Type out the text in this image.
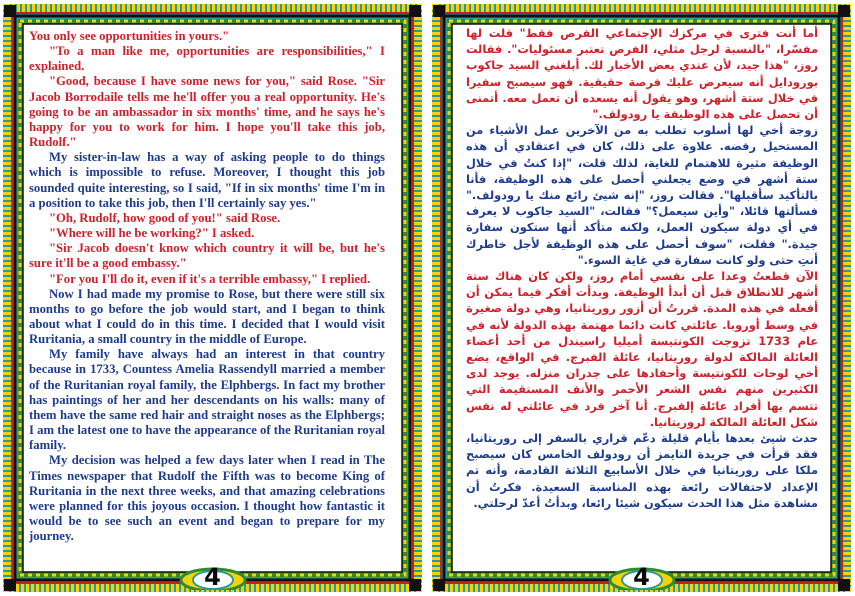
You only see opportunities in yours."

"To a man like me, opportunities are responsibilities," I explained.

"Good, because I have some news for you," said Rose. "Sir Jacob Borrodaile tells me he'll offer you a real opportunity. He's going to be an ambassador in six months' time, and he says he's happy for you to work for him. I hope you'll take this job, Rudolf."

My sister-in-law has a way of asking people to do things which is impossible to refuse. Moreover, I thought this job sounded quite interesting, so I said, "If in six months' time I'm in a position to take this job, then I'll certainly say yes."

"Oh, Rudolf, how good of you!" said Rose.

"Where will he be working?" I asked.

"Sir Jacob doesn't know which country it will be, but he's sure it'll be a good embassy."

"For you I'll do it, even if it's a terrible embassy," I replied.

Now I had made my promise to Rose, but there were still six months to go before the job would start, and I began to think about what I could do in this time. I decided that I would visit Ruritania, a small country in the middle of Europe.

My family have always had an interest in that country because in 1733, Countess Amelia Rassendyll married a member of the Ruritanian royal family, the Elphbergs. In fact my brother has paintings of her and her descendants on his walls: many of them have the same red hair and straight noses as the Elphbergs; I am the latest one to have the appearance of the Ruritanian royal family.

My decision was helped a few days later when I read in The Times newspaper that Rudolf the Fifth was to become King of Ruritania in the next three weeks, and that amazing celebrations were planned for this joyous occasion. I thought how fantastic it would be to see such an event and began to prepare for my journey.

4

أما أنت فترى في مركزك الإجتماعي الفرص فقط" قلت لها مفسّرا، "بالنسبة لرجل مثلي، الفرص تعتبر مسئوليات". فقالت روز، "هذا جيد، لأن عندي بعض الأخبار لك. أبلغني السيد جاكوب بورودايل أنه سيعرض عليك فرصة حقيقية. فهو سيصبح سفيرا في خلال ستة أشهر، وهو يقول أنه يسعده أن تعمل معه. أتمنى أن تحصل على هذه الوظيفة يا رودولف."

زوجة أخي لها أسلوب تطلب به من الآخرين عمل الأشياء من المستحيل رفضه. علاوة على ذلك، كان في اعتقادي أن هذه الوظيفة مثيرة للاهتمام للغاية، لذلك قلت، "إذا كنتُ في خلال ستة أشهر في وضع يجعلني أحصل على هذه الوظيفة، فأنا بالتأكيد سأقبلها". فقالت روز، "إنه شيئ رائع منك يا رودولف." فسألتها قائلا، "وأين سيعمل؟" فقالت، "السيد جاكوب لا يعرف في أي دولة سيكون العمل، ولكنه متأكد أنها ستكون سفارة جيدة." فقلت، "سوف أحصل على هذه الوظيفة لأجل خاطرك أنتِ حتى ولو كانت سفارة في غاية السوء."

الآن قطعتُ وعدا على نفسي أمام روز، ولكن كان هناك ستة أشهر للانطلاق قبل أن أبدأ الوظيفة. وبدأت أفكر فيما يمكن أن أفعله في هذه المدة. قررتُ أن أزور روريتانيا، وهي دولة صغيرة في وسط أوروبا. عائلتي كانت دائما مهتمة بهذه الدولة لأنه في عام 1733 تزوجت الكونتيسة أميليا راسيندل من أحد أعضاء العائلة المالكة لدولة روريتانيا، عائلة الفبرج. في الواقع، يضع أخي لوحات للكونتيسة وأحفادها على جدران منزله. يوجد لدى الكثيرين منهم نفس الشعر الأحمر والأنف المستقيمة التي تتسم بها أفراد عائلة إلفبرج. أنا آخر فرد في عائلتي له نفس شكل العائلة المالكة لروريتانيا.

حدث شيئ بعدها بأيام قليلة دعّم قراري بالسفر إلى روريتانيا، فقد قرأت في جريدة التايمز أن رودولف الخامس كان سيصبح ملكا على روريتانيا في خلال الأسابيع الثلاثة القادمة، وأنه تم الإعداد لاحتفالات رائعة بهذه المناسبة السعيدة. فكرتُ أن مشاهدة مثل هذا الحدث سيكون شيئا رائعا، وبدأتُ أعدّ لرحلتي.

4
